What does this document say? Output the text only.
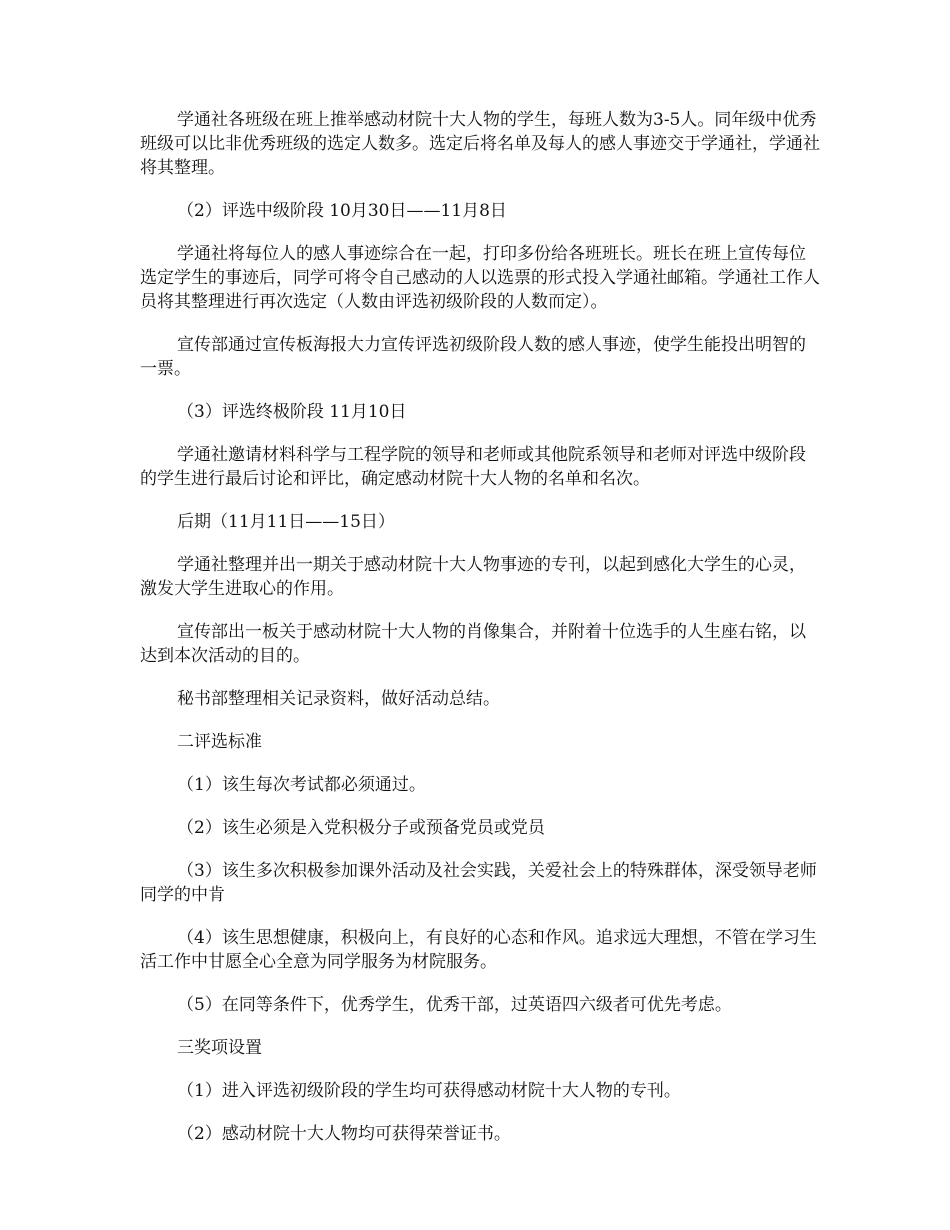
学通社各班级在班上推举感动材院十大人物的学生，每班人数为3-5人。同年级中优秀班级可以比非优秀班级的选定人数多。选定后将名单及每人的感人事迹交于学通社，学通社将其整理。

（2）评选中级阶段 10月30日——11月8日

学通社将每位人的感人事迹综合在一起，打印多份给各班班长。班长在班上宣传每位选定学生的事迹后，同学可将令自己感动的人以选票的形式投入学通社邮箱。学通社工作人员将其整理进行再次选定（人数由评选初级阶段的人数而定）。

宣传部通过宣传板海报大力宣传评选初级阶段人数的感人事迹，使学生能投出明智的一票。

（3）评选终极阶段 11月10日

学通社邀请材料科学与工程学院的领导和老师或其他院系领导和老师对评选中级阶段的学生进行最后讨论和评比，确定感动材院十大人物的名单和名次。

后期（11月11日——15日）

学通社整理并出一期关于感动材院十大人物事迹的专刊，以起到感化大学生的心灵，激发大学生进取心的作用。

宣传部出一板关于感动材院十大人物的肖像集合，并附着十位选手的人生座右铭，以达到本次活动的目的。

秘书部整理相关记录资料，做好活动总结。

二评选标准

（1）该生每次考试都必须通过。

（2）该生必须是入党积极分子或预备党员或党员

（3）该生多次积极参加课外活动及社会实践，关爱社会上的特殊群体，深受领导老师同学的中肯

（4）该生思想健康，积极向上，有良好的心态和作风。追求远大理想，不管在学习生活工作中甘愿全心全意为同学服务为材院服务。

（5）在同等条件下，优秀学生，优秀干部，过英语四六级者可优先考虑。

三奖项设置

（1）进入评选初级阶段的学生均可获得感动材院十大人物的专刊。

（2）感动材院十大人物均可获得荣誉证书。
